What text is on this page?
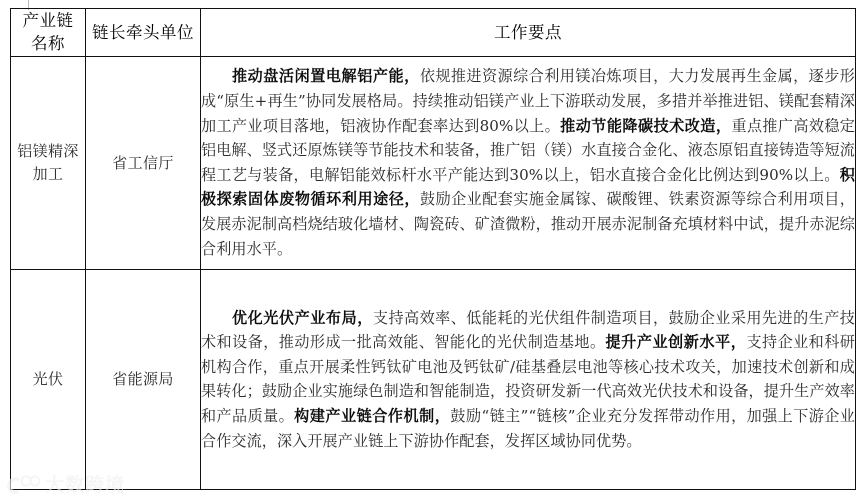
产业链
名称	链长牵头单位	工作要点

铝镁精深
加工	省工信厅	推动盘活闲置电解铝产能，依规推进资源综合利用镁冶炼项目，大力发展再生金属，逐步形成“原生+再生”协同发展格局。持续推动铝镁产业上下游联动发展，多措并举推进铝、镁配套精深加工产业项目落地，铝液协作配套率达到80%以上。推动节能降碳技术改造，重点推广高效稳定铝电解、竖式还原炼镁等节能技术和装备，推广铝（镁）水直接合金化、液态原铝直接铸造等短流程工艺与装备，电解铝能效标杆水平产能达到30%以上，铝水直接合金化比例达到90%以上。积极探索固体废物循环利用途径，鼓励企业配套实施金属镓、碳酸锂、铁素资源等综合利用项目，发展赤泥制高档烧结玻化墙材、陶瓷砖、矿渣微粉，推动开展赤泥制备充填材料中试，提升赤泥综合利用水平。

光伏	省能源局	优化光伏产业布局，支持高效率、低能耗的光伏组件制造项目，鼓励企业采用先进的生产技术和设备，推动形成一批高效能、智能化的光伏制造基地。提升产业创新水平，支持企业和科研机构合作，重点开展柔性钙钛矿电池及钙钛矿/硅基叠层电池等核心技术攻关，加速技术创新和成果转化；鼓励企业实施绿色制造和智能制造，投资研发新一代高效光伏技术和设备，提升生产效率和产品质量。构建产业链合作机制，鼓励“链主”“链核”企业充分发挥带动作用，加强上下游企业合作交流，深入开展产业链上下游协作配套，发挥区域协同优势。

大数跨境
